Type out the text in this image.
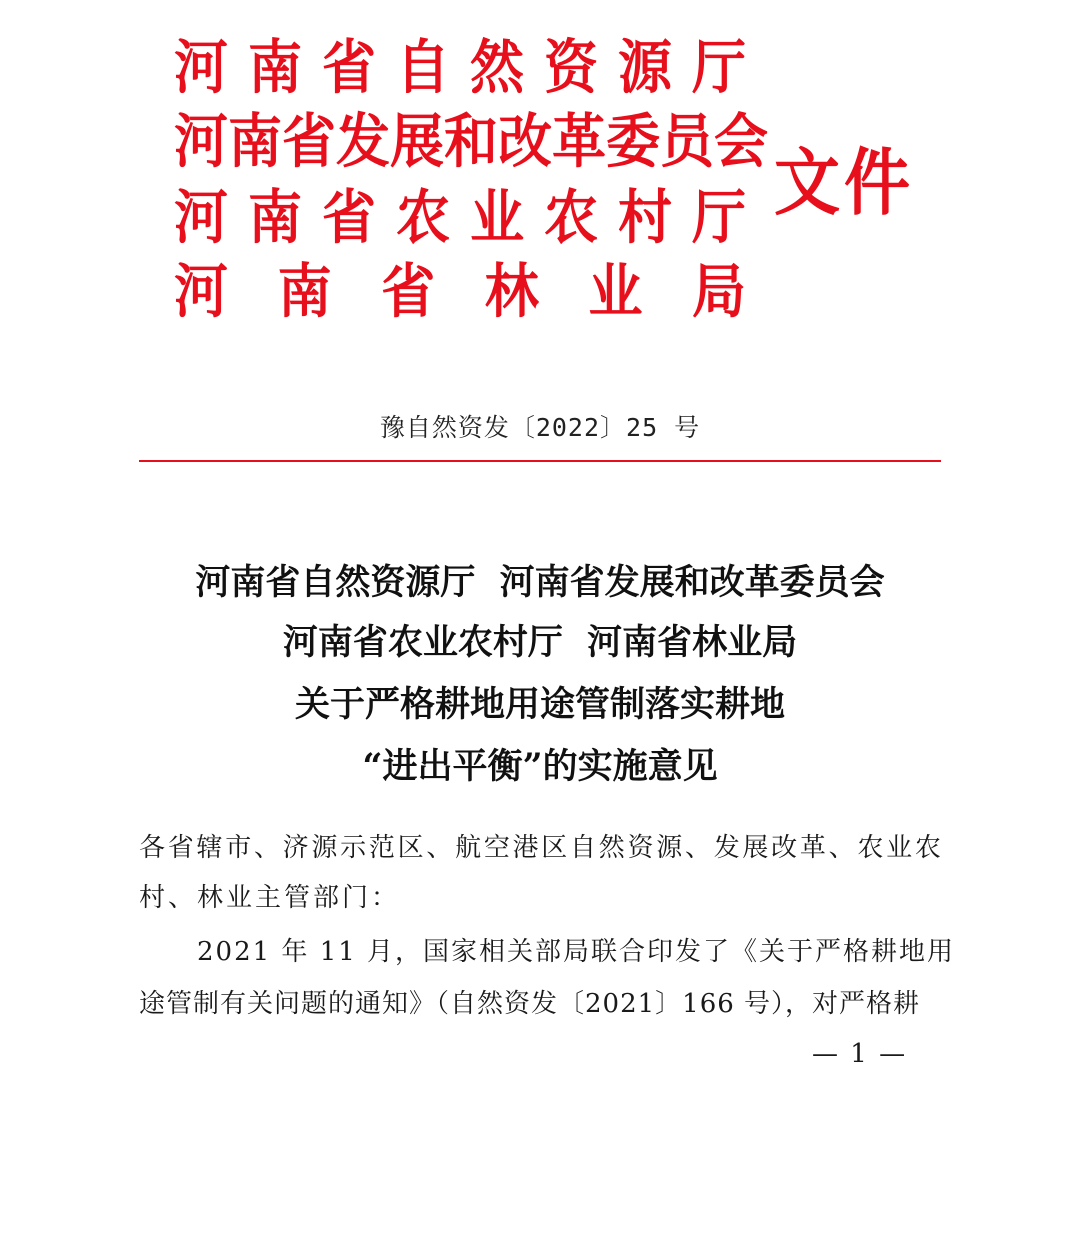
河 南 省 自 然 资 源 厅
河 南 省 发 展 和 改 革 委 员 会
河 南 省 农 业 农 村 厅
河 南 省 林 业 局
文件
豫自然资发〔2022〕25 号
河南省自然资源厅  河南省发展和改革委员会
河南省农业农村厅  河南省林业局
关于严格耕地用途管制落实耕地
“进出平衡”的实施意见
各 省 辖 市 、 济 源 示 范 区 、 航 空 港 区 自 然 资 源 、 发 展 改 革 、 农 业 农
村、林业主管部门：
2021 年 11 月，国家相关部局联合印发了《关于严格耕地用
途管制有关问题的通知》（自然资发〔2021〕166 号），对严格耕
— 1 —
